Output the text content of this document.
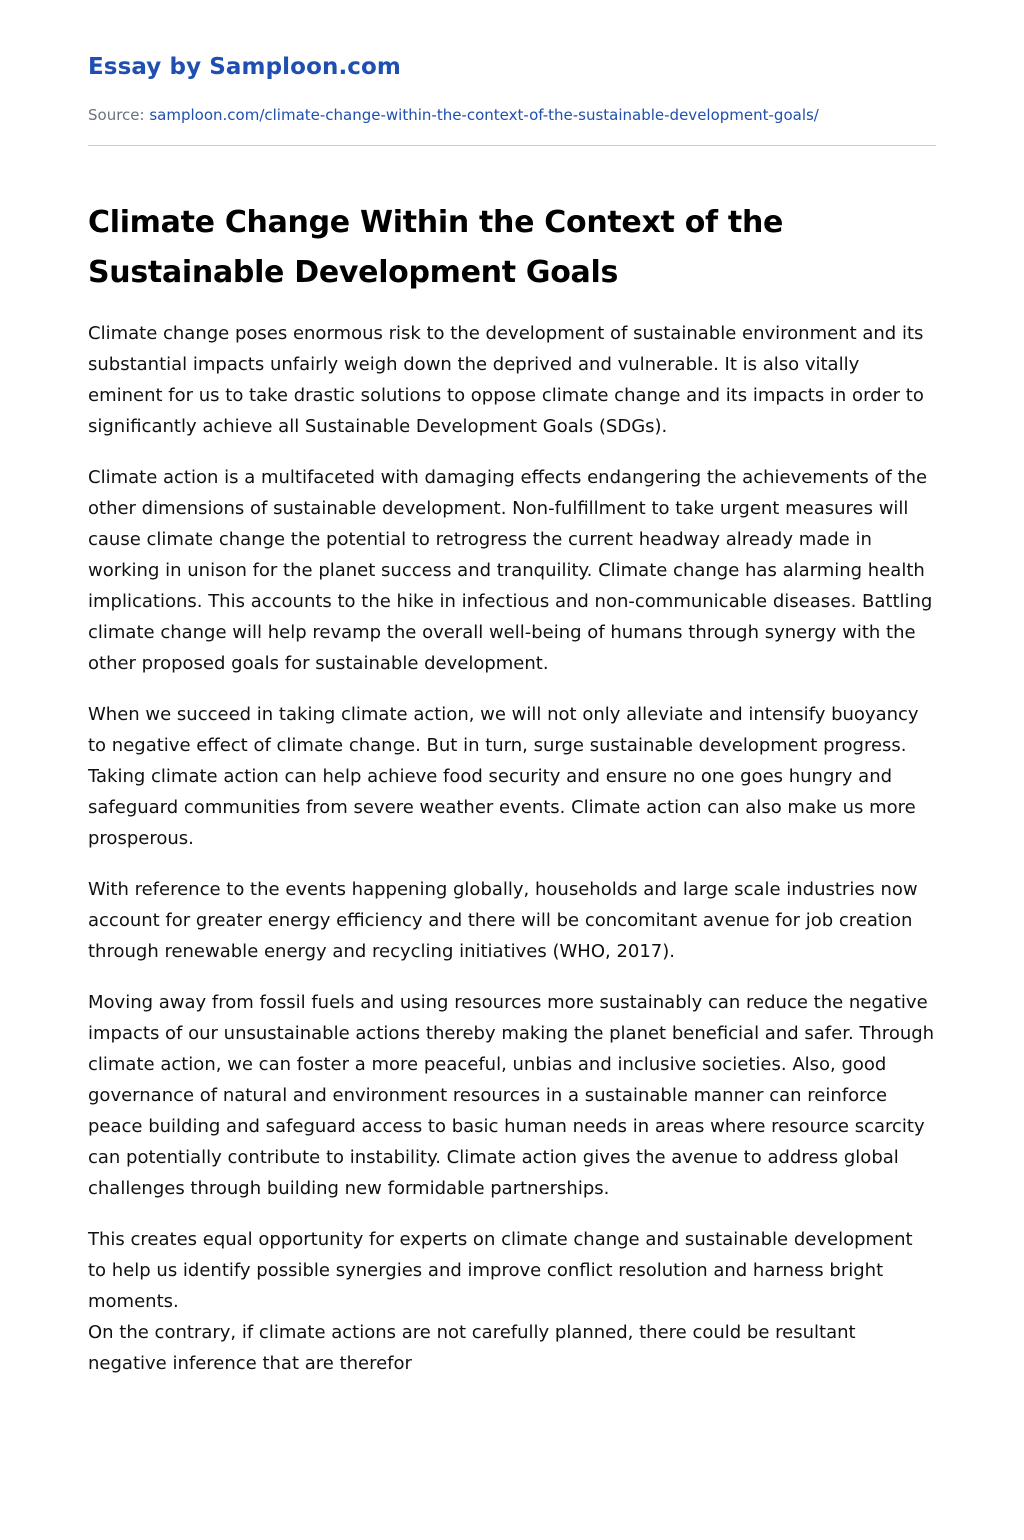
Essay by Samploon.com
Source: samploon.com/climate-change-within-the-context-of-the-sustainable-development-goals/
Climate Change Within the Context of the Sustainable Development Goals

Climate change poses enormous risk to the development of sustainable environment and its substantial impacts unfairly weigh down the deprived and vulnerable. It is also vitally eminent for us to take drastic solutions to oppose climate change and its impacts in order to significantly achieve all Sustainable Development Goals (SDGs).

Climate action is a multifaceted with damaging effects endangering the achievements of the other dimensions of sustainable development. Non-fulfillment to take urgent measures will cause climate change the potential to retrogress the current headway already made in working in unison for the planet success and tranquility. Climate change has alarming health implications. This accounts to the hike in infectious and non-communicable diseases. Battling climate change will help revamp the overall well-being of humans through synergy with the other proposed goals for sustainable development.

When we succeed in taking climate action, we will not only alleviate and intensify buoyancy to negative effect of climate change. But in turn, surge sustainable development progress. Taking climate action can help achieve food security and ensure no one goes hungry and safeguard communities from severe weather events. Climate action can also make us more prosperous.

With reference to the events happening globally, households and large scale industries now account for greater energy efficiency and there will be concomitant avenue for job creation through renewable energy and recycling initiatives (WHO, 2017).

Moving away from fossil fuels and using resources more sustainably can reduce the negative impacts of our unsustainable actions thereby making the planet beneficial and safer. Through climate action, we can foster a more peaceful, unbias and inclusive societies. Also, good governance of natural and environment resources in a sustainable manner can reinforce peace building and safeguard access to basic human needs in areas where resource scarcity can potentially contribute to instability. Climate action gives the avenue to address global challenges through building new formidable partnerships.

This creates equal opportunity for experts on climate change and sustainable development to help us identify possible synergies and improve conflict resolution and harness bright moments.

On the contrary, if climate actions are not carefully planned, there could be resultant negative inference that are therefor
